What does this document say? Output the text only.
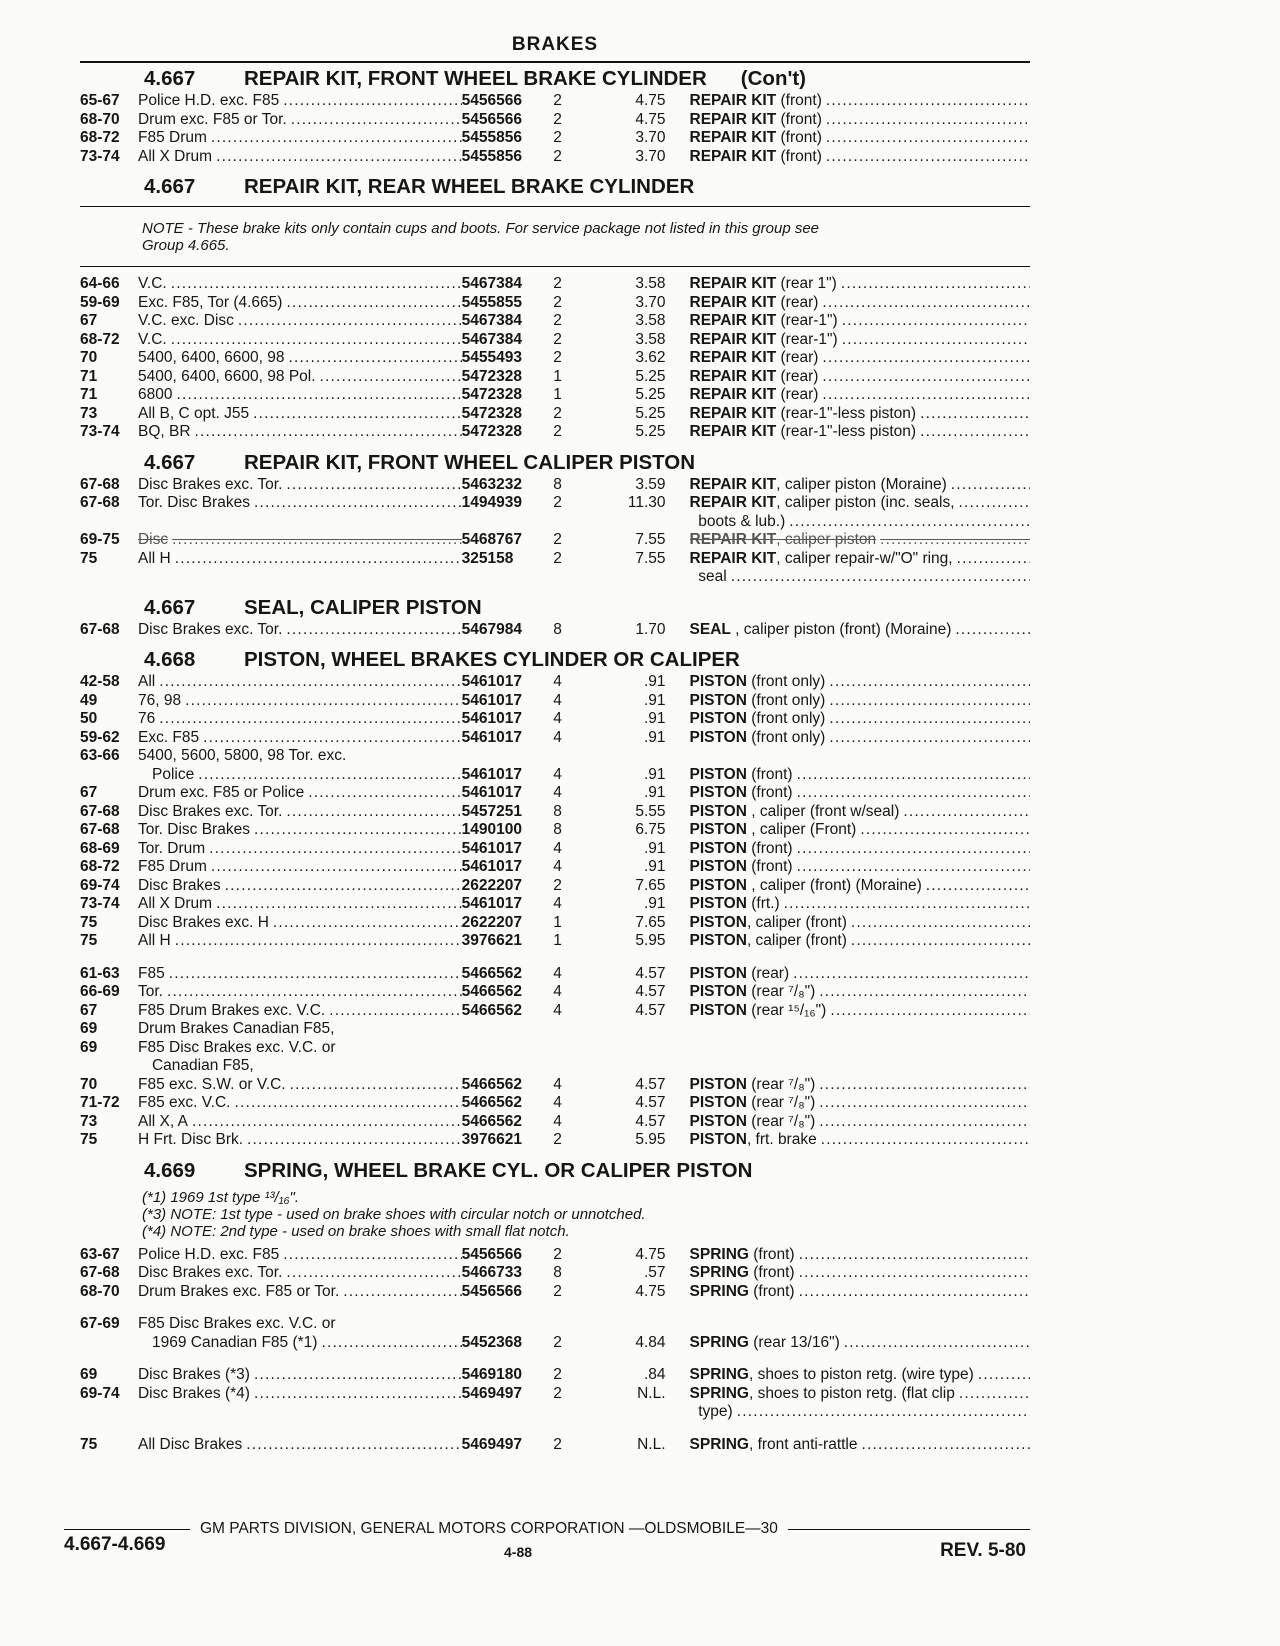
BRAKES
4.667	REPAIR KIT, FRONT WHEEL BRAKE CYLINDER (Con't)
65-67	Police H.D. exc. F85 .....	5456566	2	4.75 REPAIR KIT (front)
.....
68-70	Drum exc. F85 or Tor. .....	5456566	2	4.75 REPAIR KIT (front)
.....
68-72	F85 Drum .....	5455856	2	3.70 REPAIR KIT (front)
.....
73-74	All X Drum .....	5455856	2	3.70 REPAIR KIT (front)
.....
4.667	REPAIR KIT, REAR WHEEL BRAKE CYLINDER
NOTE - These brake kits only contain cups and boots. For service package not listed in this group see
Group 4.665.
64-66	V.C. .....	5467384	2	3.58 REPAIR KIT (rear 1")
.....
59-69	Exc. F85, Tor (4.665) .....	5455855	2	3.70 REPAIR KIT (rear)
.....
67	V.C. exc. Disc .....	5467384	2	3.58 REPAIR KIT (rear-1")
.....
68-72	V.C. .....	5467384	2	3.58 REPAIR KIT (rear-1")
.....
70	5400, 6400, 6600, 98 .....	5455493	2	3.62 REPAIR KIT (rear)
.....
71	5400, 6400, 6600, 98 Pol. .....	5472328	1	5.25 REPAIR KIT (rear)
.....
71	6800 .....	5472328	1	5.25 REPAIR KIT (rear)
.....
73	All B, C opt. J55 .....	5472328	2	5.25 REPAIR KIT (rear-1"-less piston)
.....
73-74	BQ, BR .....	5472328	2	5.25 REPAIR KIT (rear-1"-less piston)
.....
4.667	REPAIR KIT, FRONT WHEEL CALIPER PISTON
67-68	Disc Brakes exc. Tor. .....	5463232	8	3.59 REPAIR KIT, caliper piston (Moraine)
.....
67-68	Tor. Disc Brakes .....	1494939	2	11.30 REPAIR KIT, caliper piston (inc. seals,
.....
boots & lub.)
.....
69-75	Disc .....	5468767	2	7.55 REPAIR KIT, caliper piston
.....
75	All H .....	325158	2	7.55 REPAIR KIT, caliper repair-w/"O" ring,
.....
seal
.....
4.667	SEAL, CALIPER PISTON
67-68	Disc Brakes exc. Tor. .....	5467984	8	1.70 SEAL , caliper piston (front) (Moraine)
.....
4.668	PISTON, WHEEL BRAKES CYLINDER OR CALIPER
42-58	All .....	5461017	4	.91 PISTON (front only)
.....
49	76, 98 .....	5461017	4	.91 PISTON (front only)
.....
50	76 .....	5461017	4	.91 PISTON (front only)
.....
59-62	Exc. F85 .....	5461017	4	.91 PISTON (front only)
.....
63-66	5400, 5600, 5800, 98 Tor. exc.
Police .....	5461017	4	.91 PISTON (front)
.....
67	Drum exc. F85 or Police .....	5461017	4	.91 PISTON (front)
.....
67-68	Disc Brakes exc. Tor. .....	5457251	8	5.55 PISTON , caliper (front w/seal)
.....
67-68	Tor. Disc Brakes .....	1490100	8	6.75 PISTON , caliper (Front)
.....
68-69	Tor. Drum .....	5461017	4	.91 PISTON (front)
.....
68-72	F85 Drum .....	5461017	4	.91 PISTON (front)
.....
69-74	Disc Brakes .....	2622207	2	7.65 PISTON , caliper (front) (Moraine)
.....
73-74	All X Drum .....	5461017	4	.91 PISTON (frt.)
.....
75	Disc Brakes exc. H .....	2622207	1	7.65 PISTON, caliper (front)
.....
75	All H .....	3976621	1	5.95 PISTON, caliper (front)
.....
61-63	F85 .....	5466562	4	4.57 PISTON (rear)
.....
66-69	Tor. .....	5466562	4	4.57 PISTON (rear ⁷/₈")
.....
67	F85 Drum Brakes exc. V.C. .....	5466562	4	4.57 PISTON (rear ¹⁵/₁₆")
.....
69	Drum Brakes Canadian F85,
69	F85 Disc Brakes exc. V.C. or
Canadian F85,
70	F85 exc. S.W. or V.C. .....	5466562	4	4.57 PISTON (rear ⁷/₈")
.....
71-72	F85 exc. V.C. .....	5466562	4	4.57 PISTON (rear ⁷/₈")
.....
73	All X, A .....	5466562	4	4.57 PISTON (rear ⁷/₈")
.....
75	H Frt. Disc Brk. .....	3976621	2	5.95 PISTON, frt. brake
.....
4.669	SPRING, WHEEL BRAKE CYL. OR CALIPER PISTON
(*1) 1969 1st type ¹³/₁₆".
(*3) NOTE: 1st type - used on brake shoes with circular notch or unnotched.
(*4) NOTE: 2nd type - used on brake shoes with small flat notch.
63-67	Police H.D. exc. F85 .....	5456566	2	4.75 SPRING (front)
.....
67-68	Disc Brakes exc. Tor. .....	5466733	8	.57 SPRING (front)
.....
68-70	Drum Brakes exc. F85 or Tor. .....	5456566	2	4.75 SPRING (front)
.....
67-69	F85 Disc Brakes exc. V.C. or
1969 Canadian F85 (*1) .....	5452368	2	4.84 SPRING (rear 13/16")
.....
69	Disc Brakes (*3) .....	5469180	2	.84 SPRING, shoes to piston retg. (wire type)
.....
69-74	Disc Brakes (*4) .....	5469497	2	N.L. SPRING, shoes to piston retg. (flat clip
.....
type)
.....
75	All Disc Brakes .....	5469497	2	N.L. SPRING, front anti-rattle
.....
GM PARTS DIVISION, GENERAL MOTORS CORPORATION —OLDSMOBILE—30
4.667-4.669	4-88	REV. 5-80
